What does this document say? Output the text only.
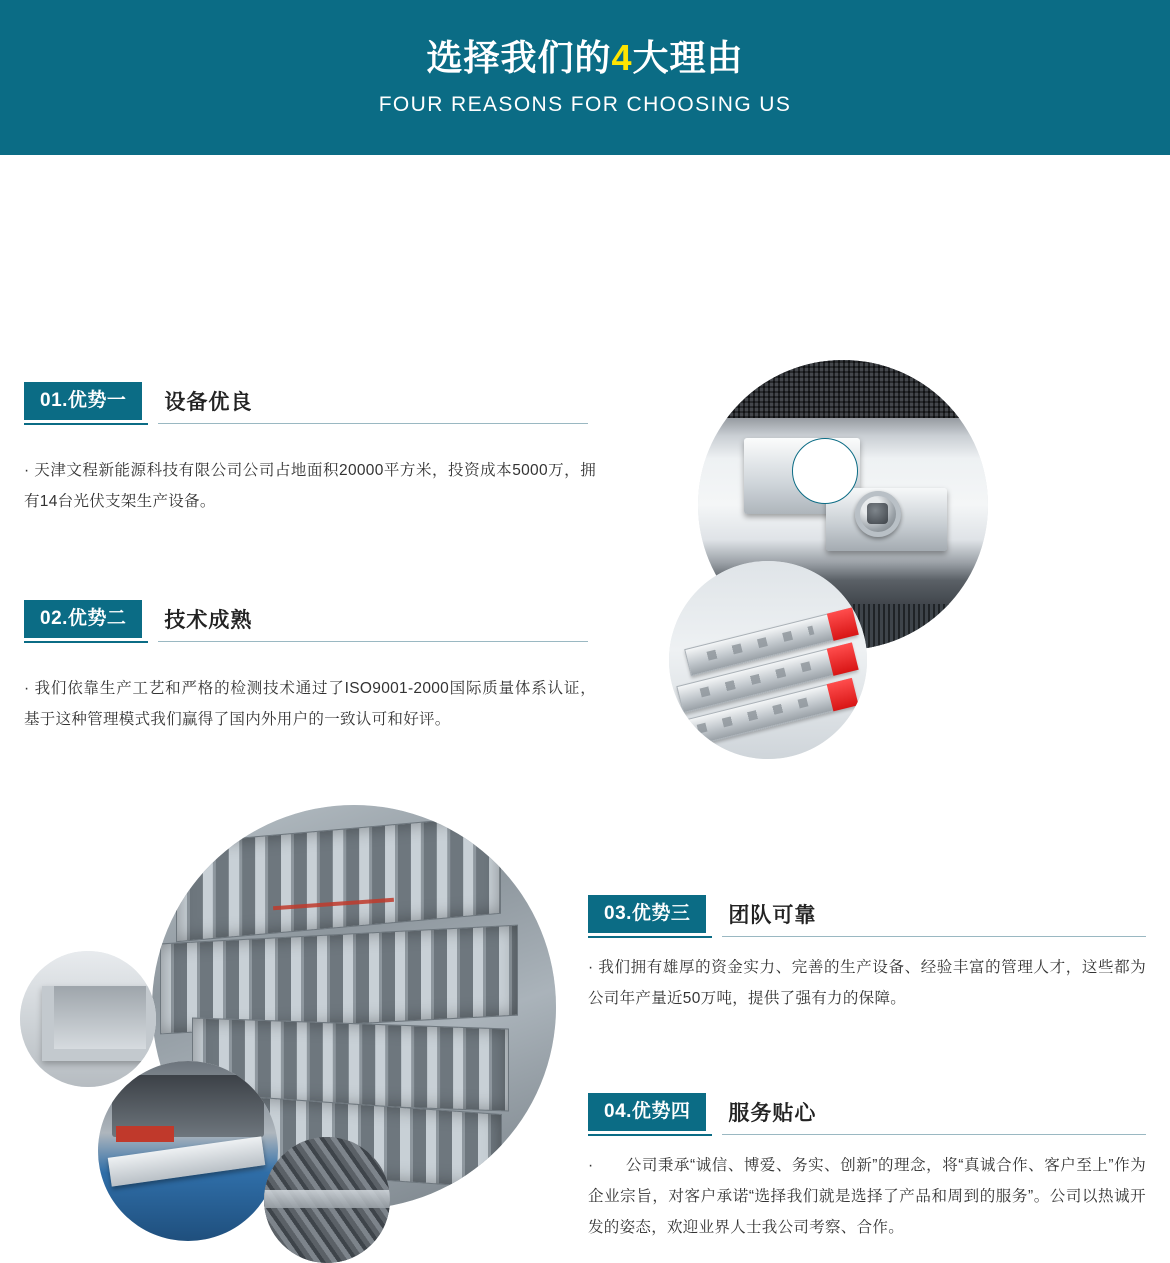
选择我们的4大理由
FOUR REASONS FOR CHOOSING US
01.优势一	设备优良
· 天津文程新能源科技有限公司公司占地面积20000平方米，投资成本5000万，拥有14台光伏支架生产设备。
02.优势二	技术成熟
· 我们依靠生产工艺和严格的检测技术通过了ISO9001-2000国际质量体系认证，基于这种管理模式我们赢得了国内外用户的一致认可和好评。
03.优势三	团队可靠
· 我们拥有雄厚的资金实力、完善的生产设备、经验丰富的管理人才，这些都为公司年产量近50万吨，提供了强有力的保障。
04.优势四	服务贴心
·　　公司秉承“诚信、博爱、务实、创新”的理念，将“真诚合作、客户至上”作为企业宗旨，对客户承诺“选择我们就是选择了产品和周到的服务”。公司以热诚开发的姿态，欢迎业界人士我公司考察、合作。
